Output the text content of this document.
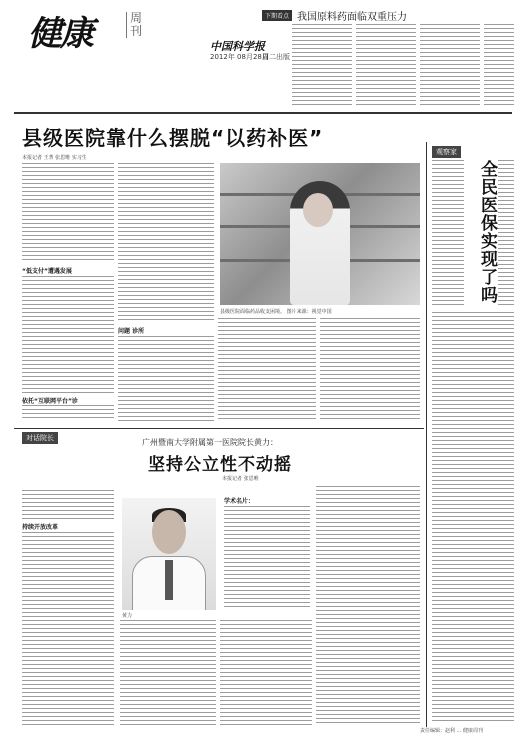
健康	周刊
中国科学报
2012年 08月28日
周二出版
下期看点 我国原料药面临双重压力
县级医院靠什么摆脱“以药补医”
本报记者 王菁 张思唯 实习生
“低支付”遭遇发展
依托“互联网平台”诊
问题 诊所
县级医院面临药品收支困境。 图片来源：视觉中国
观察家
全民医保实现了吗
对话院长	广州暨南大学附属第一医院院长黄力：
坚持公立性不动摇
本报记者 张思唯
持续开放改革
黄力
学术名片：
责任编辑：赵利 ... 健康周刊
